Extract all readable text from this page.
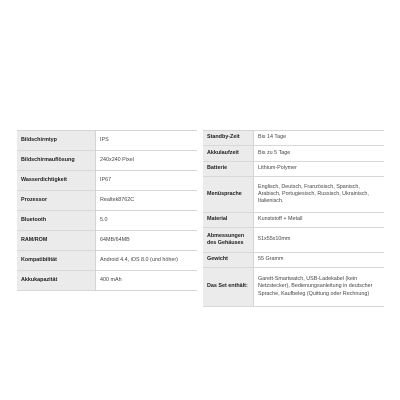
Bildschirmtyp	IPS
Bildschirmauflösung	240x240 Pixel
Wasserdichtigkeit	IP67
Prozessor	Realtek8762C
Bluetooth	5.0
RAM/ROM	64MB/64MB
Kompatibilität	Android 4.4, iOS 8.0 (und höher)
Akkukapazität	400 mAh
Standby-Zeit	Bis 14 Tage
Akkulaufzeit	Bis zu 5 Tage
Batterie	Lithium-Polymer
Menüsprache	Englisch, Deutsch, Französisch, Spanisch, Arabisch, Portugiesisch, Russisch, Ukrainisch, Italienisch.
Material	Kunststoff + Metall
Abmessungen des Gehäuses	51x55x10mm
Gewicht	55 Gramm
Das Set enthält:	Garett-Smartwatch, USB-Ladekabel (kein Netzstecker), Bedienungsanleitung in deutscher Sprache, Kaufbeleg (Quittung oder Rechnung)
